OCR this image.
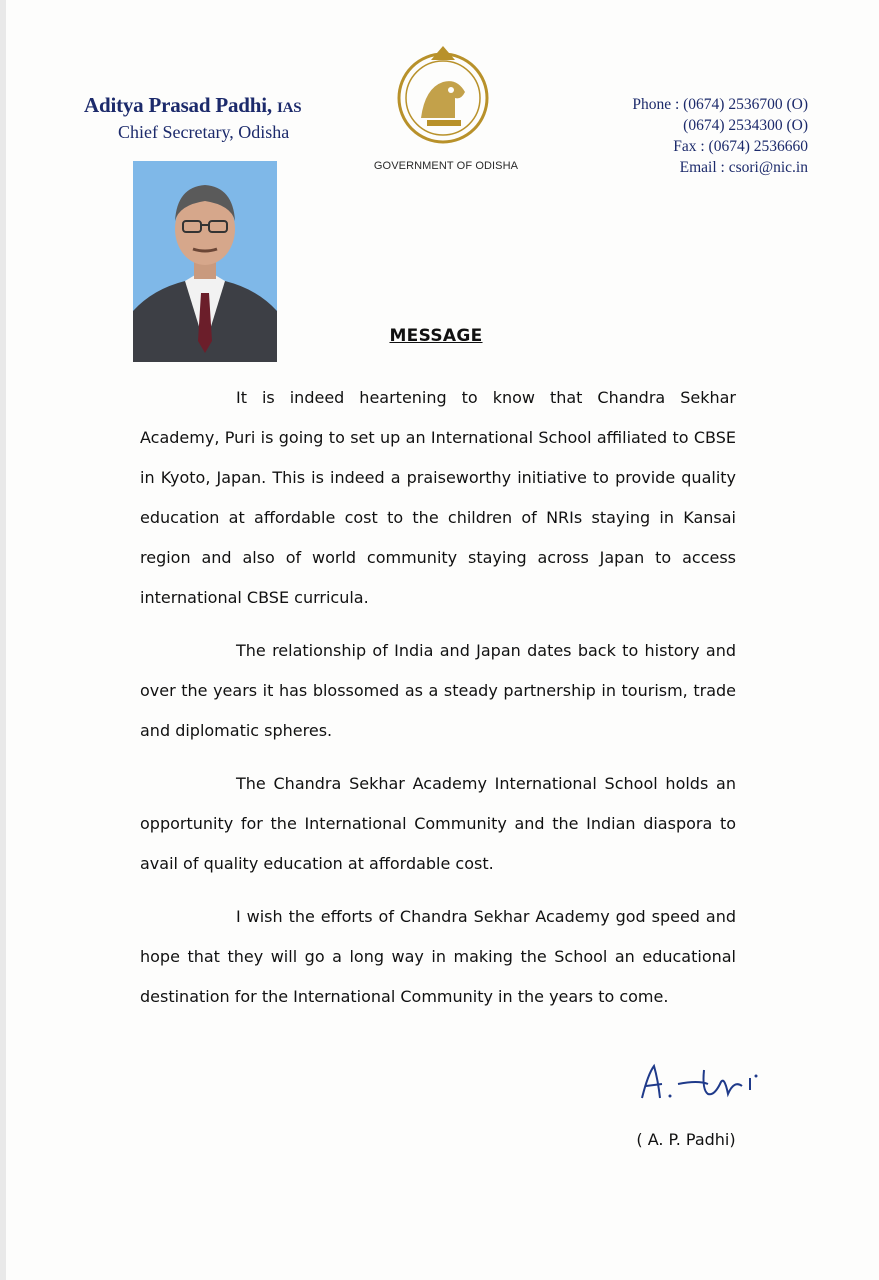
Aditya Prasad Padhi, IAS
Chief Secretary, Odisha
GOVERNMENT OF ODISHA
Phone : (0674) 2536700 (O)
(0674) 2534300 (O)
Fax : (0674) 2536660
Email : csori@nic.in
MESSAGE

It is indeed heartening to know that Chandra Sekhar Academy, Puri is going to set up an International School affiliated to CBSE in Kyoto, Japan. This is indeed a praiseworthy initiative to provide quality education at affordable cost to the children of NRIs staying in Kansai region and also of world community staying across Japan to access international CBSE curricula.

The relationship of India and Japan dates back to history and over the years it has blossomed as a steady partnership in tourism, trade and diplomatic spheres.

The Chandra Sekhar Academy International School holds an opportunity for the International Community and the Indian diaspora to avail of quality education at affordable cost.

I wish the efforts of Chandra Sekhar Academy god speed and hope that they will go a long way in making the School an educational destination for the International Community in the years to come.

( A. P. Padhi)
